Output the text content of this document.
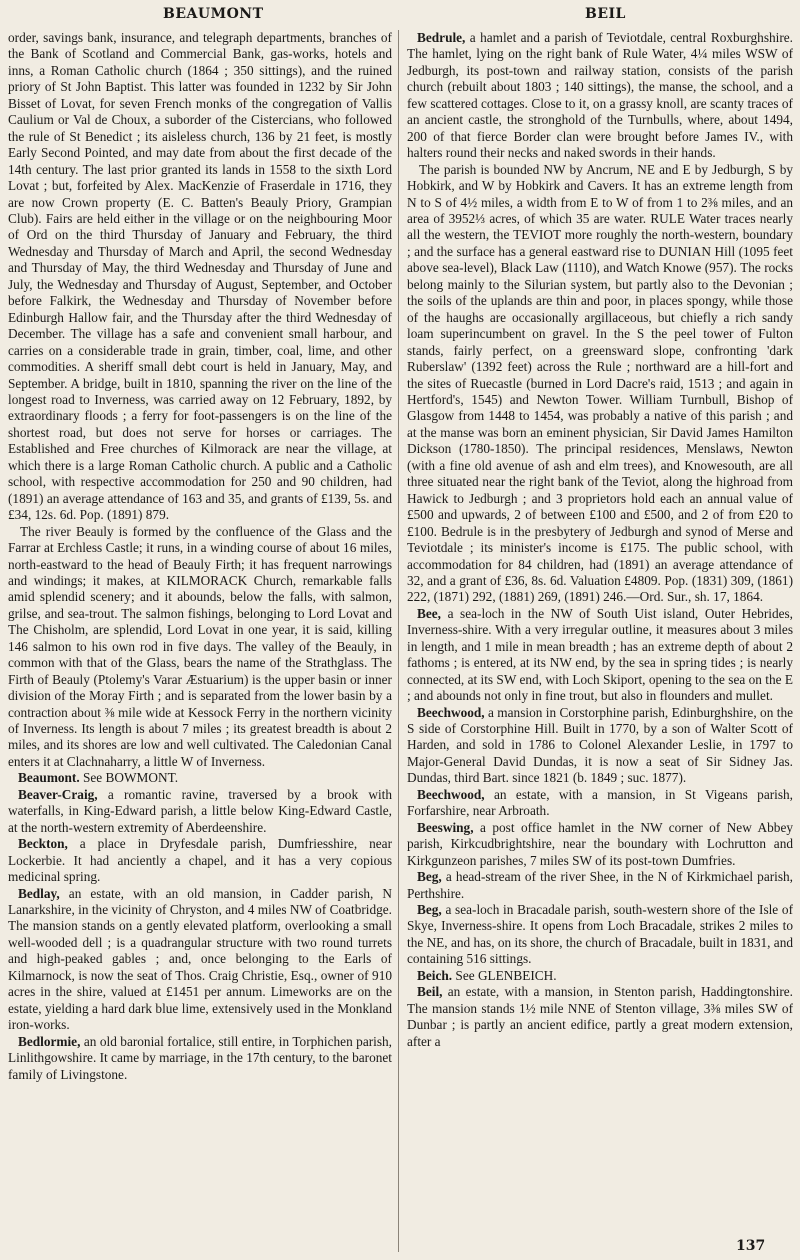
BEAUMONT	BEIL

order, savings bank, insurance, and telegraph departments, branches of the Bank of Scotland and Commercial Bank, gas-works, hotels and inns, a Roman Catholic church (1864 ; 350 sittings), and the ruined priory of St John Baptist. This latter was founded in 1232 by Sir John Bisset of Lovat, for seven French monks of the congregation of Vallis Caulium or Val de Choux, a suborder of the Cistercians, who followed the rule of St Benedict ; its aisleless church, 136 by 21 feet, is mostly Early Second Pointed, and may date from about the first decade of the 14th century. The last prior granted its lands in 1558 to the sixth Lord Lovat ; but, forfeited by Alex. MacKenzie of Fraserdale in 1716, they are now Crown property (E. C. Batten's Beauly Priory, Grampian Club). Fairs are held either in the village or on the neighbouring Moor of Ord on the third Thursday of January and February, the third Wednesday and Thursday of March and April, the second Wednesday and Thursday of May, the third Wednesday and Thursday of June and July, the Wednesday and Thursday of August, September, and October before Falkirk, the Wednesday and Thursday of November before Edinburgh Hallow fair, and the Thursday after the third Wednesday of December. The village has a safe and convenient small harbour, and carries on a considerable trade in grain, timber, coal, lime, and other commodities. A sheriff small debt court is held in January, May, and September. A bridge, built in 1810, spanning the river on the line of the longest road to Inverness, was carried away on 12 February, 1892, by extraordinary floods ; a ferry for foot-passengers is on the line of the shortest road, but does not serve for horses or carriages. The Established and Free churches of Kilmorack are near the village, at which there is a large Roman Catholic church. A public and a Catholic school, with respective accommodation for 250 and 90 children, had (1891) an average attendance of 163 and 35, and grants of £139, 5s. and £34, 12s. 6d. Pop. (1891) 879.

The river Beauly is formed by the confluence of the Glass and the Farrar at Erchless Castle; it runs, in a winding course of about 16 miles, north-eastward to the head of Beauly Firth; it has frequent narrowings and windings; it makes, at KILMORACK Church, remarkable falls amid splendid scenery; and it abounds, below the falls, with salmon, grilse, and sea-trout. The salmon fishings, belonging to Lord Lovat and The Chisholm, are splendid, Lord Lovat in one year, it is said, killing 146 salmon to his own rod in five days. The valley of the Beauly, in common with that of the Glass, bears the name of the Strathglass. The Firth of Beauly (Ptolemy's Varar Æstuarium) is the upper basin or inner division of the Moray Firth ; and is separated from the lower basin by a contraction about ⅜ mile wide at Kessock Ferry in the northern vicinity of Inverness. Its length is about 7 miles ; its greatest breadth is about 2 miles, and its shores are low and well cultivated. The Caledonian Canal enters it at Clachnaharry, a little W of Inverness.

Beaumont. See BOWMONT.

Beaver-Craig, a romantic ravine, traversed by a brook with waterfalls, in King-Edward parish, a little below King-Edward Castle, at the north-western extremity of Aberdeenshire.

Beckton, a place in Dryfesdale parish, Dumfriesshire, near Lockerbie. It had anciently a chapel, and it has a very copious medicinal spring.

Bedlay, an estate, with an old mansion, in Cadder parish, N Lanarkshire, in the vicinity of Chryston, and 4 miles NW of Coatbridge. The mansion stands on a gently elevated platform, overlooking a small well-wooded dell ; is a quadrangular structure with two round turrets and high-peaked gables ; and, once belonging to the Earls of Kilmarnock, is now the seat of Thos. Craig Christie, Esq., owner of 910 acres in the shire, valued at £1451 per annum. Limeworks are on the estate, yielding a hard dark blue lime, extensively used in the Monkland iron-works.

Bedlormie, an old baronial fortalice, still entire, in Torphichen parish, Linlithgowshire. It came by marriage, in the 17th century, to the baronet family of Livingstone.

Bedrule, a hamlet and a parish of Teviotdale, central Roxburghshire. The hamlet, lying on the right bank of Rule Water, 4¼ miles WSW of Jedburgh, its post-town and railway station, consists of the parish church (rebuilt about 1803 ; 140 sittings), the manse, the school, and a few scattered cottages. Close to it, on a grassy knoll, are scanty traces of an ancient castle, the stronghold of the Turnbulls, where, about 1494, 200 of that fierce Border clan were brought before James IV., with halters round their necks and naked swords in their hands.

The parish is bounded NW by Ancrum, NE and E by Jedburgh, S by Hobkirk, and W by Hobkirk and Cavers. It has an extreme length from N to S of 4½ miles, a width from E to W of from 1 to 2⅜ miles, and an area of 3952⅓ acres, of which 35 are water. RULE Water traces nearly all the western, the TEVIOT more roughly the north-western, boundary ; and the surface has a general eastward rise to DUNIAN Hill (1095 feet above sea-level), Black Law (1110), and Watch Knowe (957). The rocks belong mainly to the Silurian system, but partly also to the Devonian ; the soils of the uplands are thin and poor, in places spongy, while those of the haughs are occasionally argillaceous, but chiefly a rich sandy loam superincumbent on gravel. In the S the peel tower of Fulton stands, fairly perfect, on a greensward slope, confronting 'dark Ruberslaw' (1392 feet) across the Rule ; northward are a hill-fort and the sites of Ruecastle (burned in Lord Dacre's raid, 1513 ; and again in Hertford's, 1545) and Newton Tower. William Turnbull, Bishop of Glasgow from 1448 to 1454, was probably a native of this parish ; and at the manse was born an eminent physician, Sir David James Hamilton Dickson (1780-1850). The principal residences, Menslaws, Newton (with a fine old avenue of ash and elm trees), and Knowesouth, are all three situated near the right bank of the Teviot, along the highroad from Hawick to Jedburgh ; and 3 proprietors hold each an annual value of £500 and upwards, 2 of between £100 and £500, and 2 of from £20 to £100. Bedrule is in the presbytery of Jedburgh and synod of Merse and Teviotdale ; its minister's income is £175. The public school, with accommodation for 84 children, had (1891) an average attendance of 32, and a grant of £36, 8s. 6d. Valuation £4809. Pop. (1831) 309, (1861) 222, (1871) 292, (1881) 269, (1891) 246.—Ord. Sur., sh. 17, 1864.

Bee, a sea-loch in the NW of South Uist island, Outer Hebrides, Inverness-shire. With a very irregular outline, it measures about 3 miles in length, and 1 mile in mean breadth ; has an extreme depth of about 2 fathoms ; is entered, at its NW end, by the sea in spring tides ; is nearly connected, at its SW end, with Loch Skiport, opening to the sea on the E ; and abounds not only in fine trout, but also in flounders and mullet.

Beechwood, a mansion in Corstorphine parish, Edinburghshire, on the S side of Corstorphine Hill. Built in 1770, by a son of Walter Scott of Harden, and sold in 1786 to Colonel Alexander Leslie, in 1797 to Major-General David Dundas, it is now a seat of Sir Sidney Jas. Dundas, third Bart. since 1821 (b. 1849 ; suc. 1877).

Beechwood, an estate, with a mansion, in St Vigeans parish, Forfarshire, near Arbroath.

Beeswing, a post office hamlet in the NW corner of New Abbey parish, Kirkcudbrightshire, near the boundary with Lochrutton and Kirkgunzeon parishes, 7 miles SW of its post-town Dumfries.

Beg, a head-stream of the river Shee, in the N of Kirkmichael parish, Perthshire.

Beg, a sea-loch in Bracadale parish, south-western shore of the Isle of Skye, Inverness-shire. It opens from Loch Bracadale, strikes 2 miles to the NE, and has, on its shore, the church of Bracadale, built in 1831, and containing 516 sittings.

Beich. See GLENBEICH.

Beil, an estate, with a mansion, in Stenton parish, Haddingtonshire. The mansion stands 1½ mile NNE of Stenton village, 3⅜ miles SW of Dunbar ; is partly an ancient edifice, partly a great modern extension, after a

137
